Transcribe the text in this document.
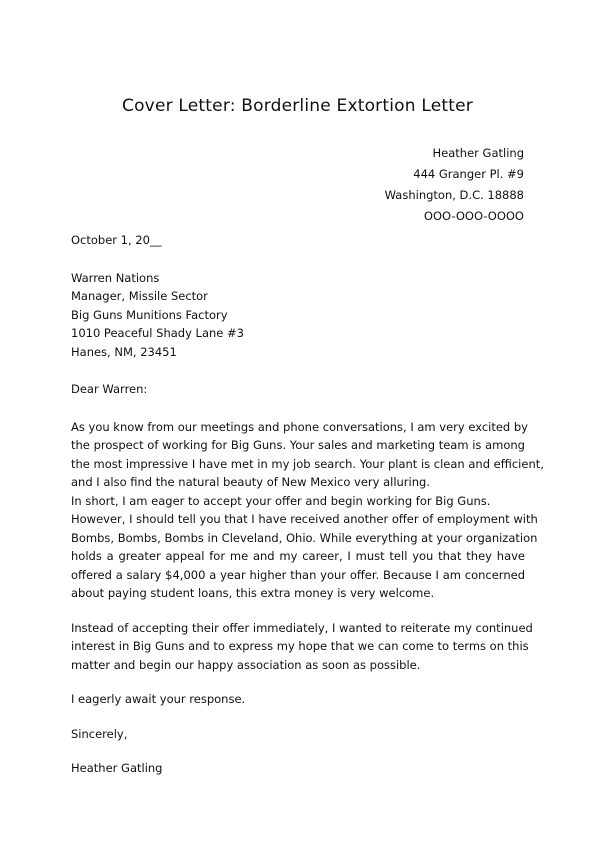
Cover Letter: Borderline Extortion Letter
Heather Gatling
444 Granger Pl. #9
Washington, D.C. 18888
OOO-OOO-OOOO
October 1, 20__
Warren Nations
Manager, Missile Sector
Big Guns Munitions Factory
1010 Peaceful Shady Lane #3
Hanes, NM, 23451
Dear Warren:
As you know from our meetings and phone conversations, I am very excited by
the prospect of working for Big Guns. Your sales and marketing team is among
the most impressive I have met in my job search. Your plant is clean and efficient,
and I also find the natural beauty of New Mexico very alluring.
In short, I am eager to accept your offer and begin working for Big Guns.
However, I should tell you that I have received another offer of employment with
Bombs, Bombs, Bombs in Cleveland, Ohio. While everything at your organization
holds a greater appeal for me and my career, I must tell you that they have
offered a salary $4,000 a year higher than your offer. Because I am concerned
about paying student loans, this extra money is very welcome.
Instead of accepting their offer immediately, I wanted to reiterate my continued
interest in Big Guns and to express my hope that we can come to terms on this
matter and begin our happy association as soon as possible.
I eagerly await your response.
Sincerely,
Heather Gatling
